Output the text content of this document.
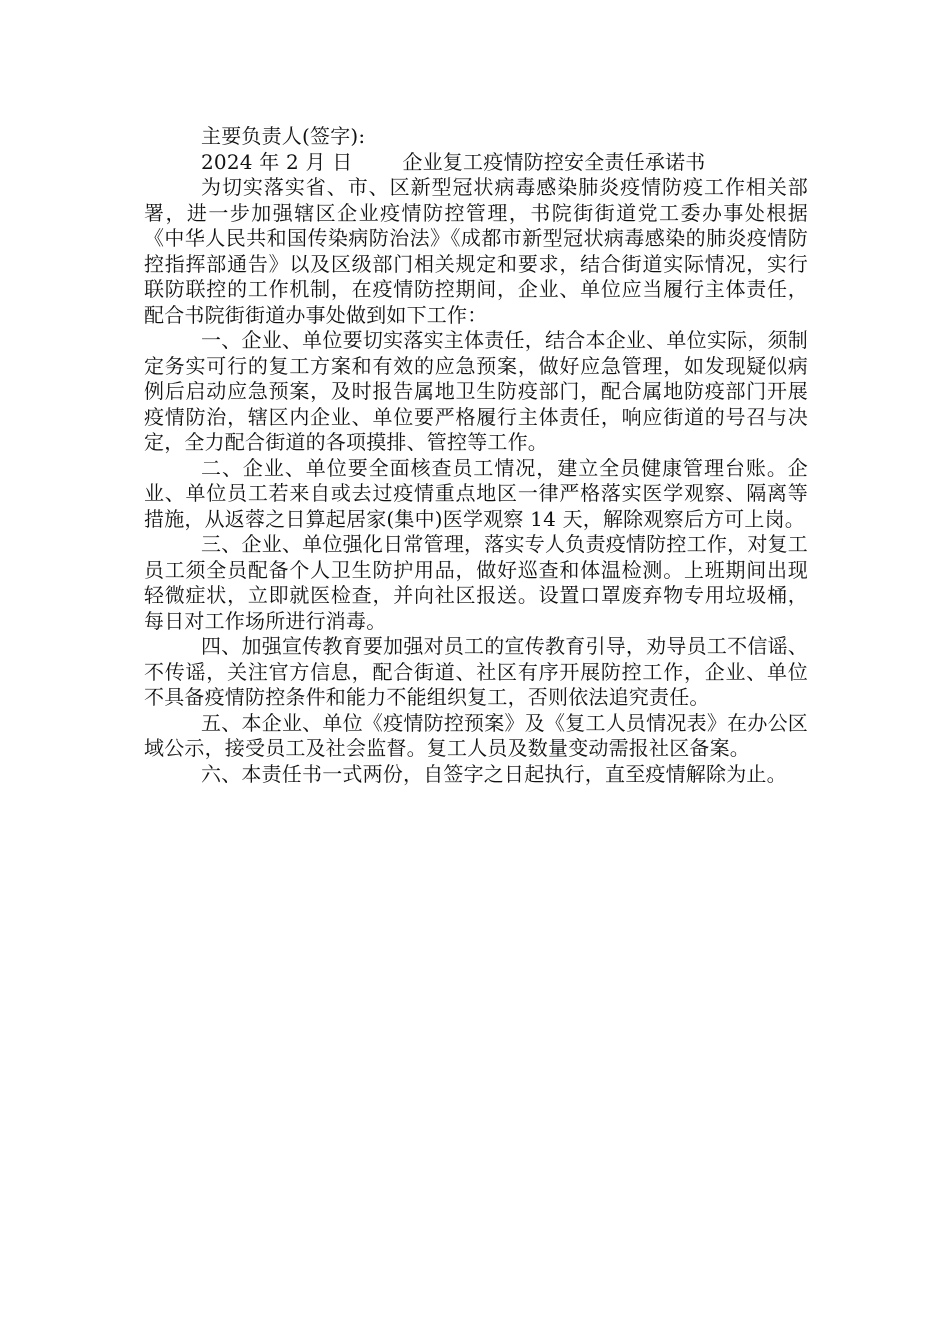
主要负责人(签字):
2024 年 2 月 日	企业复工疫情防控安全责任承诺书

为切实落实省、市、区新型冠状病毒感染肺炎疫情防疫工作相关部署，进一步加强辖区企业疫情防控管理，书院街街道党工委办事处根据《中华人民共和国传染病防治法》《成都市新型冠状病毒感染的肺炎疫情防控指挥部通告》以及区级部门相关规定和要求，结合街道实际情况，实行联防联控的工作机制，在疫情防控期间，企业、单位应当履行主体责任，配合书院街街道办事处做到如下工作：

一、企业、单位要切实落实主体责任，结合本企业、单位实际，须制定务实可行的复工方案和有效的应急预案，做好应急管理，如发现疑似病例后启动应急预案，及时报告属地卫生防疫部门，配合属地防疫部门开展疫情防治，辖区内企业、单位要严格履行主体责任，响应街道的号召与决定，全力配合街道的各项摸排、管控等工作。

二、企业、单位要全面核查员工情况，建立全员健康管理台账。企业、单位员工若来自或去过疫情重点地区一律严格落实医学观察、隔离等措施，从返蓉之日算起居家(集中)医学观察 14 天，解除观察后方可上岗。

三、企业、单位强化日常管理，落实专人负责疫情防控工作，对复工员工须全员配备个人卫生防护用品，做好巡查和体温检测。上班期间出现轻微症状，立即就医检查，并向社区报送。设置口罩废弃物专用垃圾桶，每日对工作场所进行消毒。

四、加强宣传教育要加强对员工的宣传教育引导，劝导员工不信谣、不传谣，关注官方信息，配合街道、社区有序开展防控工作，企业、单位不具备疫情防控条件和能力不能组织复工，否则依法追究责任。

五、本企业、单位《疫情防控预案》及《复工人员情况表》在办公区域公示，接受员工及社会监督。复工人员及数量变动需报社区备案。

六、本责任书一式两份，自签字之日起执行，直至疫情解除为止。
